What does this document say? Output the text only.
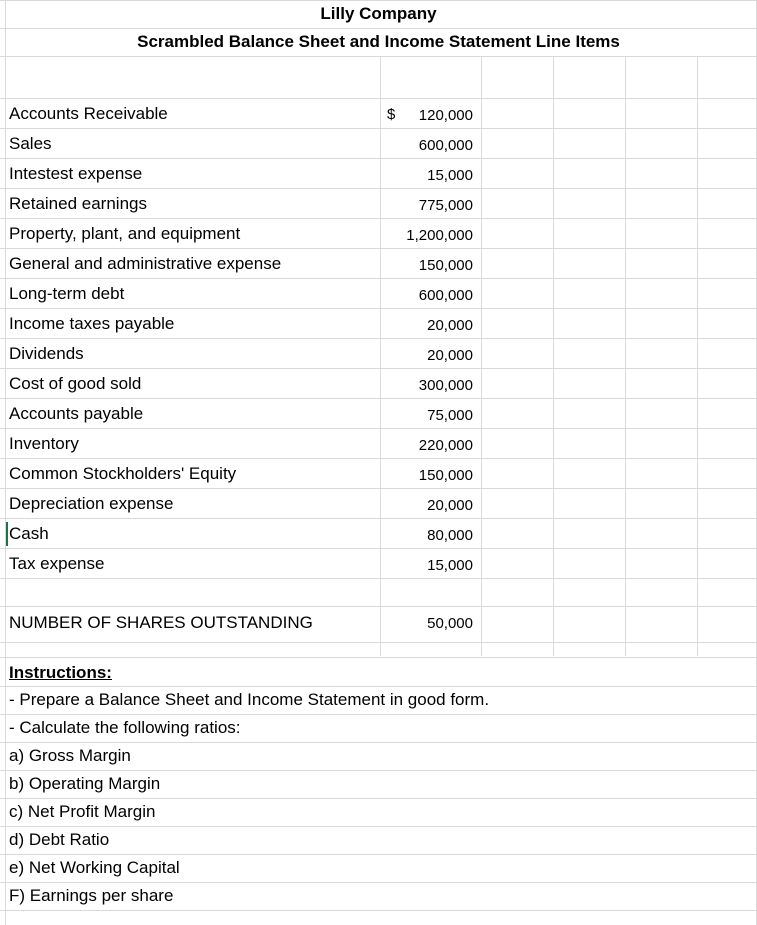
Lilly Company
Scrambled Balance Sheet and Income Statement Line Items
$
Accounts Receivable	120,000
Sales	600,000
Intestest expense	15,000
Retained earnings	775,000
Property, plant, and equipment	1,200,000
General and administrative expense	150,000
Long-term debt	600,000
Income taxes payable	20,000
Dividends	20,000
Cost of good sold	300,000
Accounts payable	75,000
Inventory	220,000
Common Stockholders' Equity	150,000
Depreciation expense	20,000
Cash	80,000
Tax expense	15,000
NUMBER OF SHARES OUTSTANDING	50,000
Instructions:
- Prepare a Balance Sheet and Income Statement in good form.
- Calculate the following ratios:
a) Gross Margin
b) Operating Margin
c) Net Profit Margin
d) Debt Ratio
e) Net Working Capital
F) Earnings per share
